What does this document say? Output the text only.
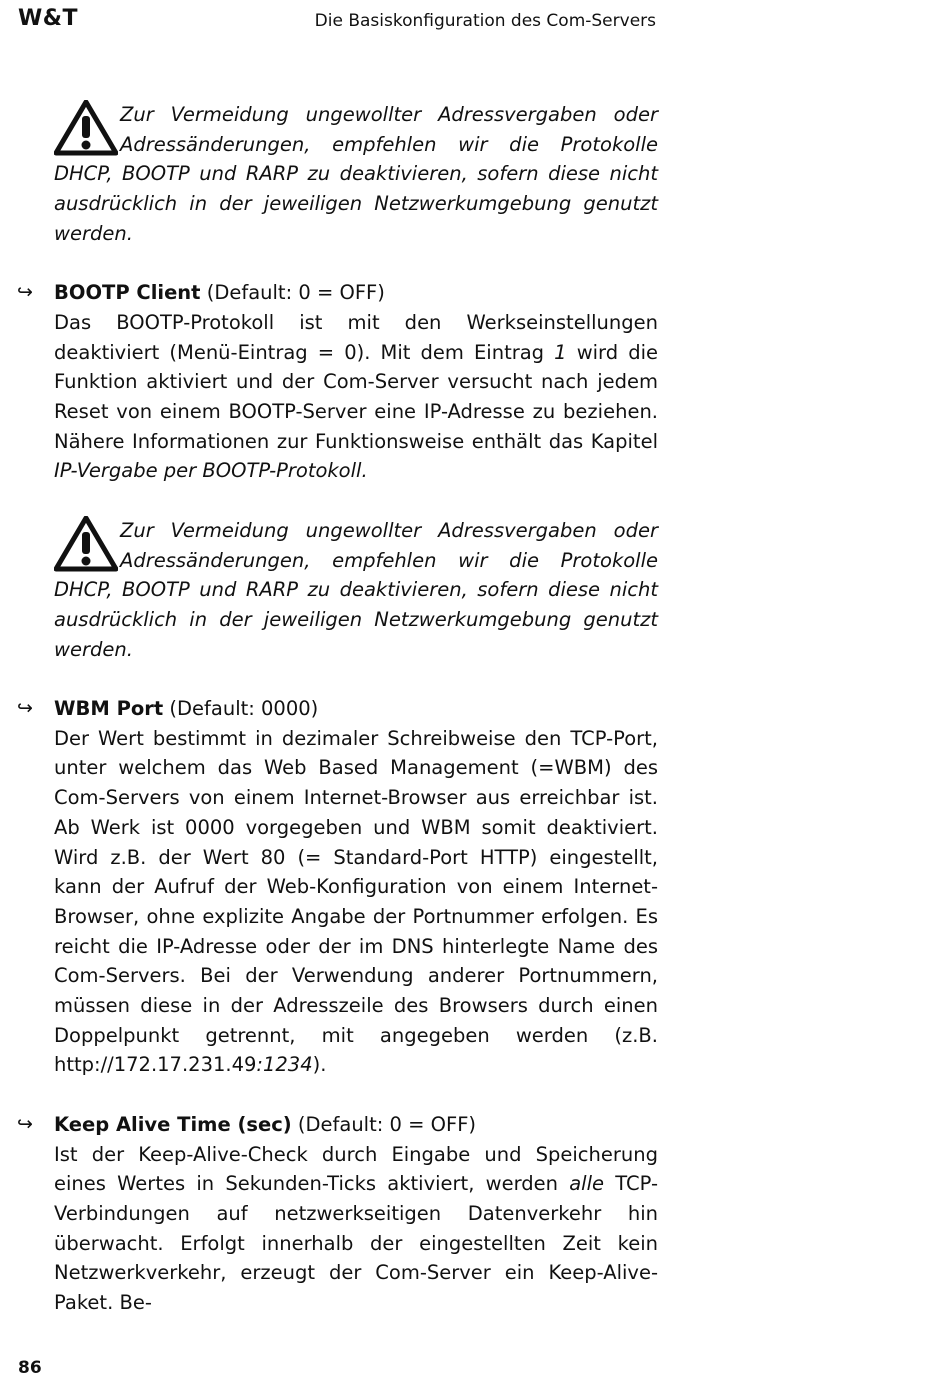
W&T	Die Basiskonfiguration des Com-Servers

Zur Vermeidung ungewollter Adressvergaben oder Adressänderungen, empfehlen wir die Protokolle DHCP, BOOTP und RARP zu deaktivieren, sofern diese nicht ausdrücklich in der jeweiligen Netzwerkumgebung genutzt werden.

↪ BOOTP Client (Default: 0 = OFF)

Das BOOTP-Protokoll ist mit den Werkseinstellungen deaktiviert (Menü-Eintrag = 0). Mit dem Eintrag 1 wird die Funktion aktiviert und der Com-Server versucht nach jedem Reset von einem BOOTP-Server eine IP-Adresse zu beziehen. Nähere Informationen zur Funktionsweise enthält das Kapitel IP-Vergabe per BOOTP-Protokoll.

Zur Vermeidung ungewollter Adressvergaben oder Adressänderungen, empfehlen wir die Protokolle DHCP, BOOTP und RARP zu deaktivieren, sofern diese nicht ausdrücklich in der jeweiligen Netzwerkumgebung genutzt werden.

↪ WBM Port (Default: 0000)

Der Wert bestimmt in dezimaler Schreibweise den TCP-Port, unter welchem das Web Based Management (=WBM) des Com-Servers von einem Internet-Browser aus erreichbar ist. Ab Werk ist 0000 vorgegeben und WBM somit deaktiviert. Wird z.B. der Wert 80 (= Standard-Port HTTP) eingestellt, kann der Aufruf der Web-Konfiguration von einem Internet-Browser, ohne explizite Angabe der Portnummer erfolgen. Es reicht die IP-Adresse oder der im DNS hinterlegte Name des Com-Servers. Bei der Verwendung anderer Portnummern, müssen diese in der Adresszeile des Browsers durch einen Doppelpunkt getrennt, mit angegeben werden (z.B. http://172.17.231.49:1234).

↪ Keep Alive Time (sec) (Default: 0 = OFF)

Ist der Keep-Alive-Check durch Eingabe und Speicherung eines Wertes in Sekunden-Ticks aktiviert, werden alle TCP-Verbindungen auf netzwerkseitigen Datenverkehr hin überwacht. Erfolgt innerhalb der eingestellten Zeit kein Netzwerkverkehr, erzeugt der Com-Server ein Keep-Alive-Paket. Be-

86
